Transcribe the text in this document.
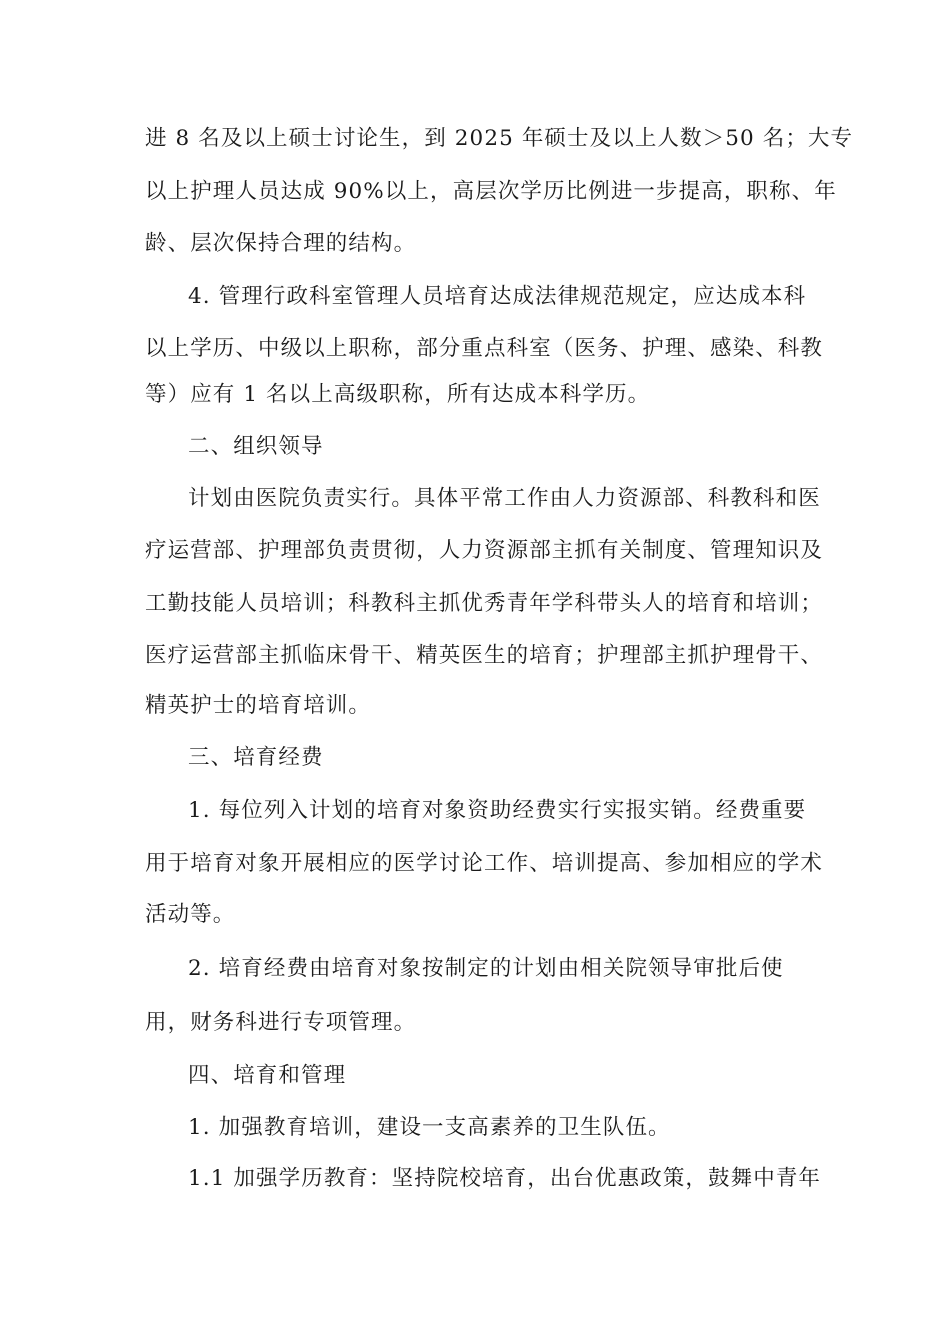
进 8 名及以上硕士讨论生，到 2025 年硕士及以上人数＞50 名；大专
以上护理人员达成 90%以上，高层次学历比例进一步提高，职称、年
龄、层次保持合理的结构。
4. 管理行政科室管理人员培育达成法律规范规定，应达成本科
以上学历、中级以上职称，部分重点科室（医务、护理、感染、科教
等）应有 1 名以上高级职称，所有达成本科学历。
二、组织领导
计划由医院负责实行。具体平常工作由人力资源部、科教科和医
疗运营部、护理部负责贯彻，人力资源部主抓有关制度、管理知识及
工勤技能人员培训；科教科主抓优秀青年学科带头人的培育和培训；
医疗运营部主抓临床骨干、精英医生的培育；护理部主抓护理骨干、
精英护士的培育培训。
三、培育经费
1. 每位列入计划的培育对象资助经费实行实报实销。经费重要
用于培育对象开展相应的医学讨论工作、培训提高、参加相应的学术
活动等。
2. 培育经费由培育对象按制定的计划由相关院领导审批后使
用，财务科进行专项管理。
四、培育和管理
1. 加强教育培训，建设一支高素养的卫生队伍。
1.1 加强学历教育：坚持院校培育，出台优惠政策，鼓舞中青年
